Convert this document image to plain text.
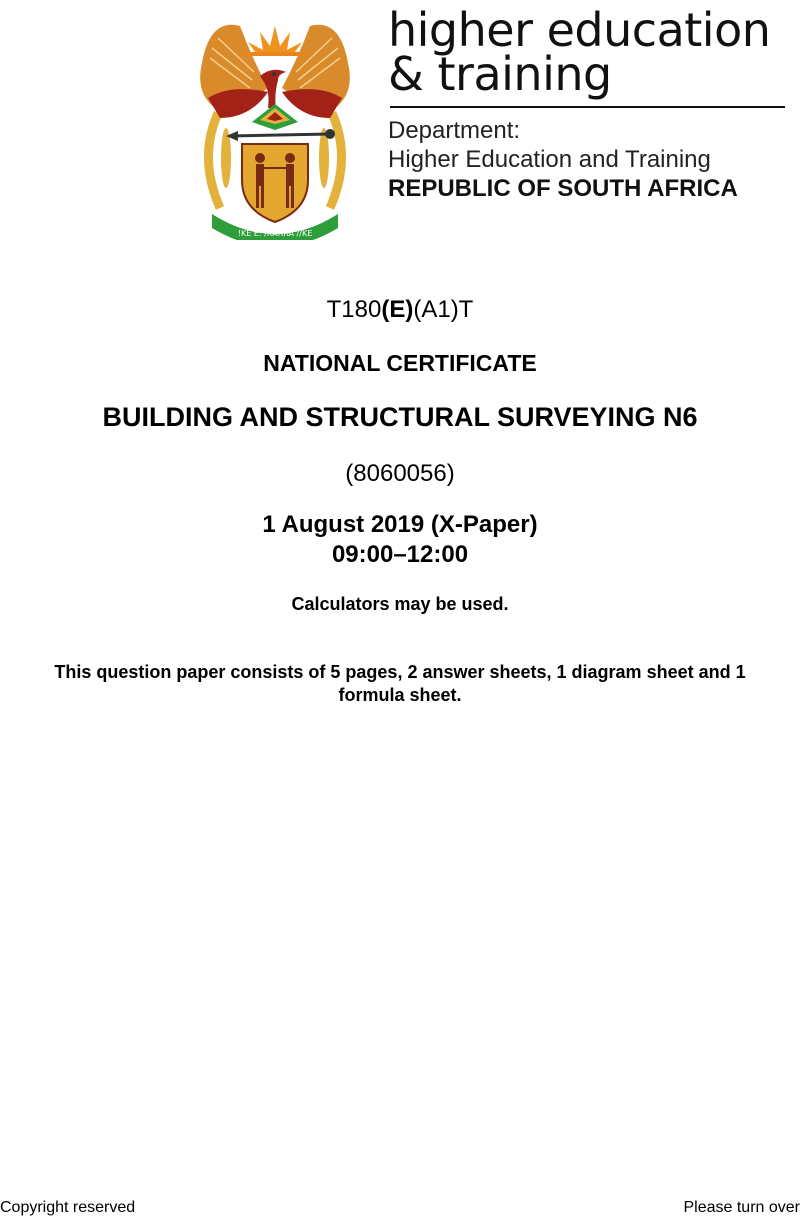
!KE E: /XARRA //KE
higher education
& training
Department:
Higher Education and Training
REPUBLIC OF SOUTH AFRICA
T180(E)(A1)T
NATIONAL CERTIFICATE
BUILDING AND STRUCTURAL SURVEYING N6
(8060056)
1 August 2019 (X-Paper)
09:00–12:00
Calculators may be used.
This question paper consists of 5 pages, 2 answer sheets, 1 diagram sheet and 1 formula sheet.
Copyright reserved	Please turn over
